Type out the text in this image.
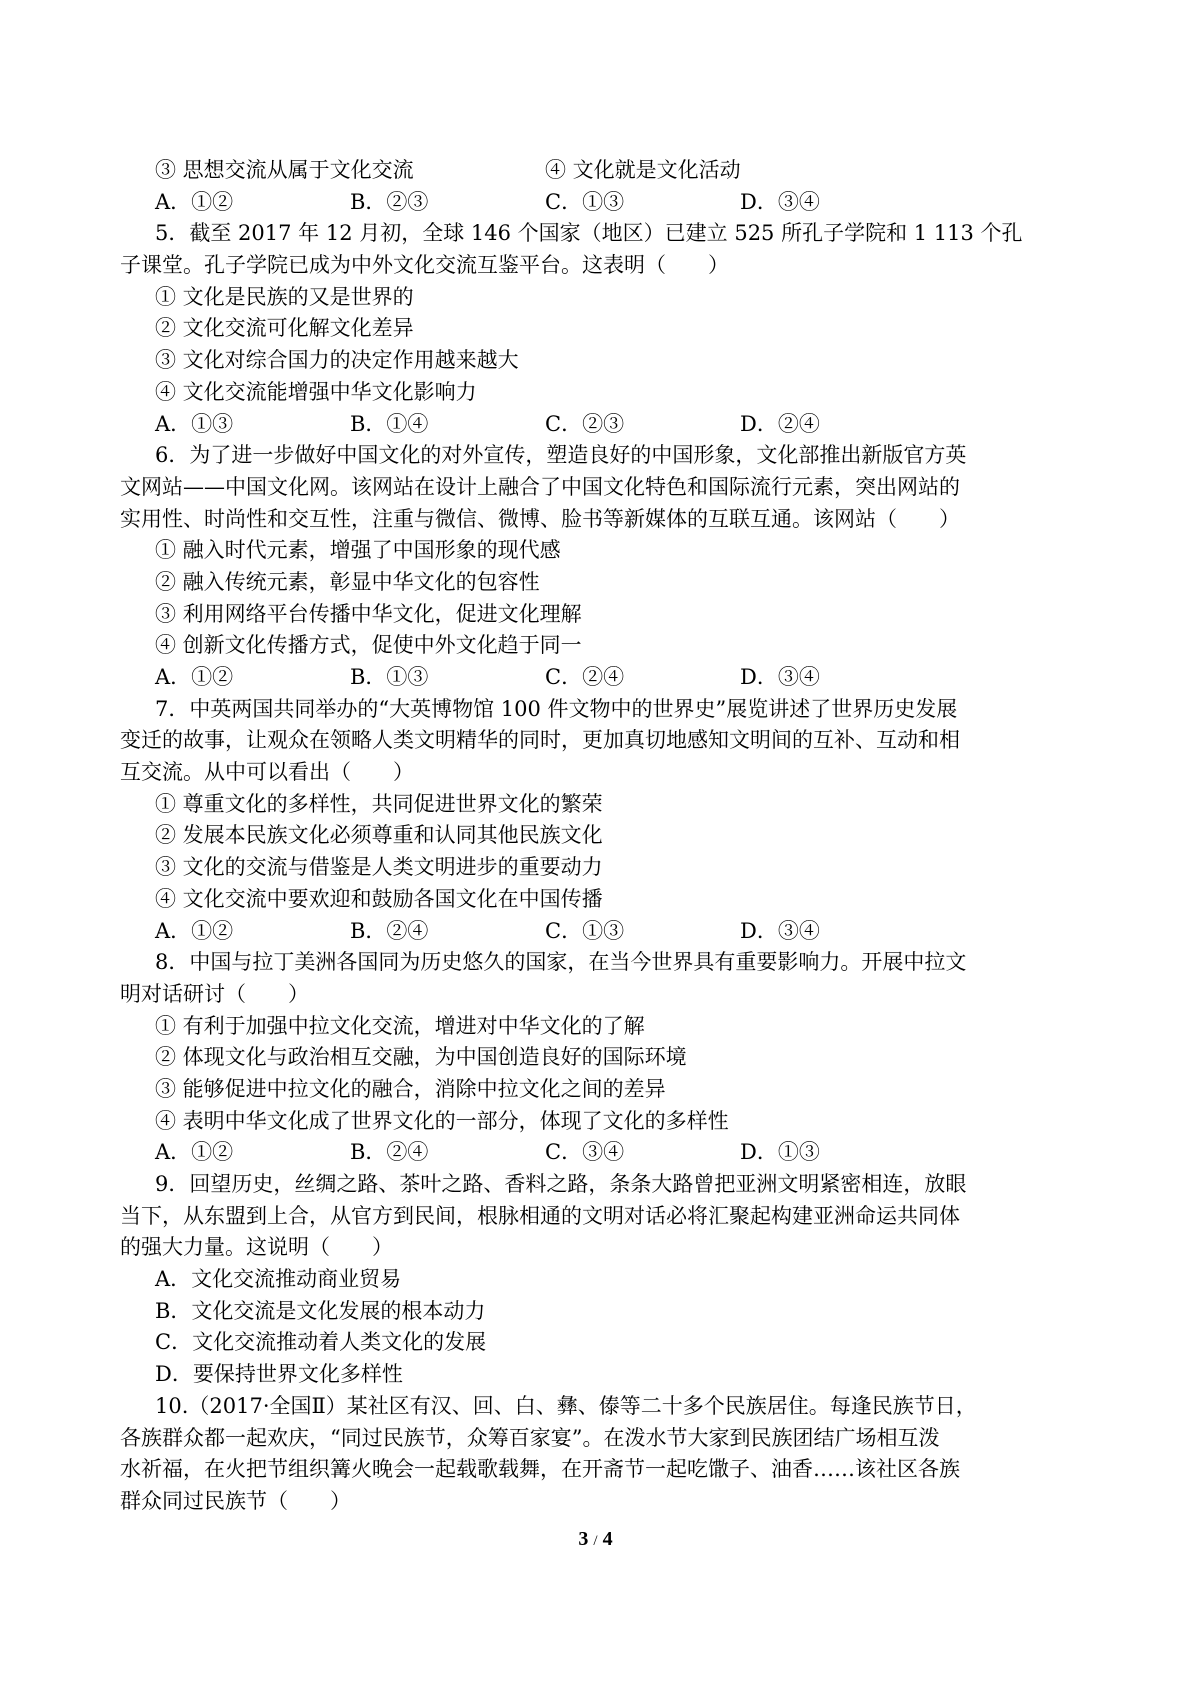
③ 思想交流从属于文化交流	④ 文化就是文化活动
A．①②	B．②③	C．①③	D．③④
5．截至 2017 年 12 月初，全球 146 个国家（地区）已建立 525 所孔子学院和 1 113 个孔
子课堂。孔子学院已成为中外文化交流互鉴平台。这表明（　　）
① 文化是民族的又是世界的
② 文化交流可化解文化差异
③ 文化对综合国力的决定作用越来越大
④ 文化交流能增强中华文化影响力
A．①③	B．①④	C．②③	D．②④
6．为了进一步做好中国文化的对外宣传，塑造良好的中国形象，文化部推出新版官方英
文网站——中国文化网。该网站在设计上融合了中国文化特色和国际流行元素，突出网站的
实用性、时尚性和交互性，注重与微信、微博、脸书等新媒体的互联互通。该网站（　　）
① 融入时代元素，增强了中国形象的现代感
② 融入传统元素，彰显中华文化的包容性
③ 利用网络平台传播中华文化，促进文化理解
④ 创新文化传播方式，促使中外文化趋于同一
A．①②	B．①③	C．②④	D．③④
7．中英两国共同举办的“大英博物馆 100 件文物中的世界史”展览讲述了世界历史发展
变迁的故事，让观众在领略人类文明精华的同时，更加真切地感知文明间的互补、互动和相
互交流。从中可以看出（　　）
① 尊重文化的多样性，共同促进世界文化的繁荣
② 发展本民族文化必须尊重和认同其他民族文化
③ 文化的交流与借鉴是人类文明进步的重要动力
④ 文化交流中要欢迎和鼓励各国文化在中国传播
A．①②	B．②④	C．①③	D．③④
8．中国与拉丁美洲各国同为历史悠久的国家，在当今世界具有重要影响力。开展中拉文
明对话研讨（　　）
① 有利于加强中拉文化交流，增进对中华文化的了解
② 体现文化与政治相互交融，为中国创造良好的国际环境
③ 能够促进中拉文化的融合，消除中拉文化之间的差异
④ 表明中华文化成了世界文化的一部分，体现了文化的多样性
A．①②	B．②④	C．③④	D．①③
9．回望历史，丝绸之路、茶叶之路、香料之路，条条大路曾把亚洲文明紧密相连，放眼
当下，从东盟到上合，从官方到民间，根脉相通的文明对话必将汇聚起构建亚洲命运共同体
的强大力量。这说明（　　）
A．文化交流推动商业贸易
B．文化交流是文化发展的根本动力
C．文化交流推动着人类文化的发展
D．要保持世界文化多样性
10.（2017·全国Ⅱ）某社区有汉、回、白、彝、傣等二十多个民族居住。每逢民族节日，
各族群众都一起欢庆，“同过民族节，众筹百家宴”。在泼水节大家到民族团结广场相互泼
水祈福，在火把节组织篝火晚会一起载歌载舞，在开斋节一起吃馓子、油香……该社区各族
群众同过民族节（　　）
3 / 4
